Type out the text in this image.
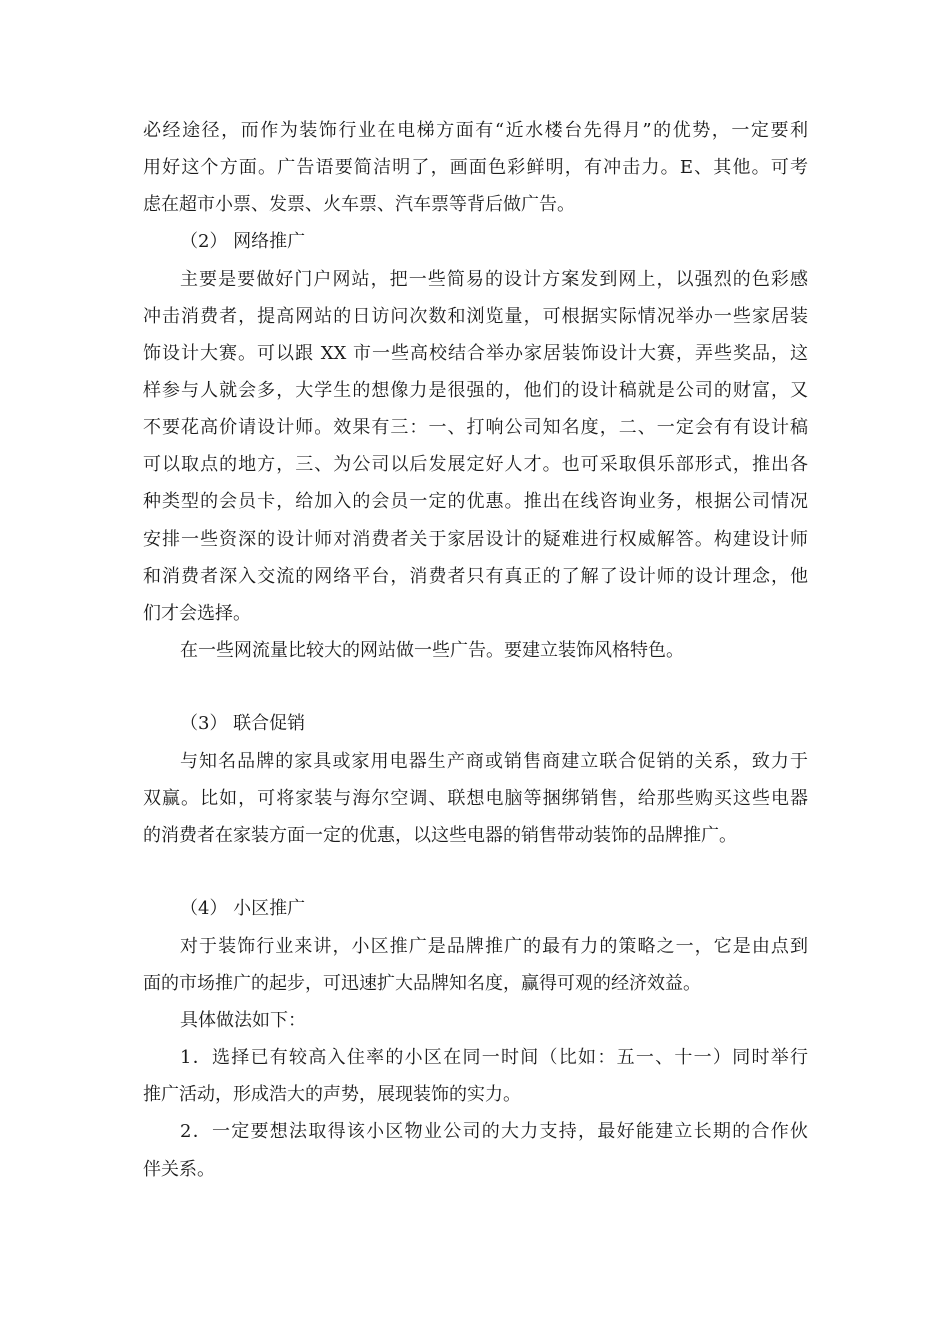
必经途径，而作为装饰行业在电梯方面有“近水楼台先得月”的优势，一定要利

用好这个方面。广告语要简洁明了，画面色彩鲜明，有冲击力。E、其他。可考

虑在超市小票、发票、火车票、汽车票等背后做广告。

（2） 网络推广

主要是要做好门户网站，把一些简易的设计方案发到网上，以强烈的色彩感

冲击消费者，提高网站的日访问次数和浏览量，可根据实际情况举办一些家居装

饰设计大赛。可以跟 XX 市一些高校结合举办家居装饰设计大赛，弄些奖品，这

样参与人就会多，大学生的想像力是很强的，他们的设计稿就是公司的财富，又

不要花高价请设计师。效果有三：一、打响公司知名度，二、一定会有有设计稿

可以取点的地方，三、为公司以后发展定好人才。也可采取俱乐部形式，推出各

种类型的会员卡，给加入的会员一定的优惠。推出在线咨询业务，根据公司情况

安排一些资深的设计师对消费者关于家居设计的疑难进行权威解答。构建设计师

和消费者深入交流的网络平台，消费者只有真正的了解了设计师的设计理念，他

们才会选择。

在一些网流量比较大的网站做一些广告。要建立装饰风格特色。

（3） 联合促销

与知名品牌的家具或家用电器生产商或销售商建立联合促销的关系，致力于

双赢。比如，可将家装与海尔空调、联想电脑等捆绑销售，给那些购买这些电器

的消费者在家装方面一定的优惠，以这些电器的销售带动装饰的品牌推广。

（4） 小区推广

对于装饰行业来讲，小区推广是品牌推广的最有力的策略之一，它是由点到

面的市场推广的起步，可迅速扩大品牌知名度，赢得可观的经济效益。

具体做法如下：

1．选择已有较高入住率的小区在同一时间（比如：五一、十一）同时举行

推广活动，形成浩大的声势，展现装饰的实力。

2．一定要想法取得该小区物业公司的大力支持，最好能建立长期的合作伙

伴关系。
